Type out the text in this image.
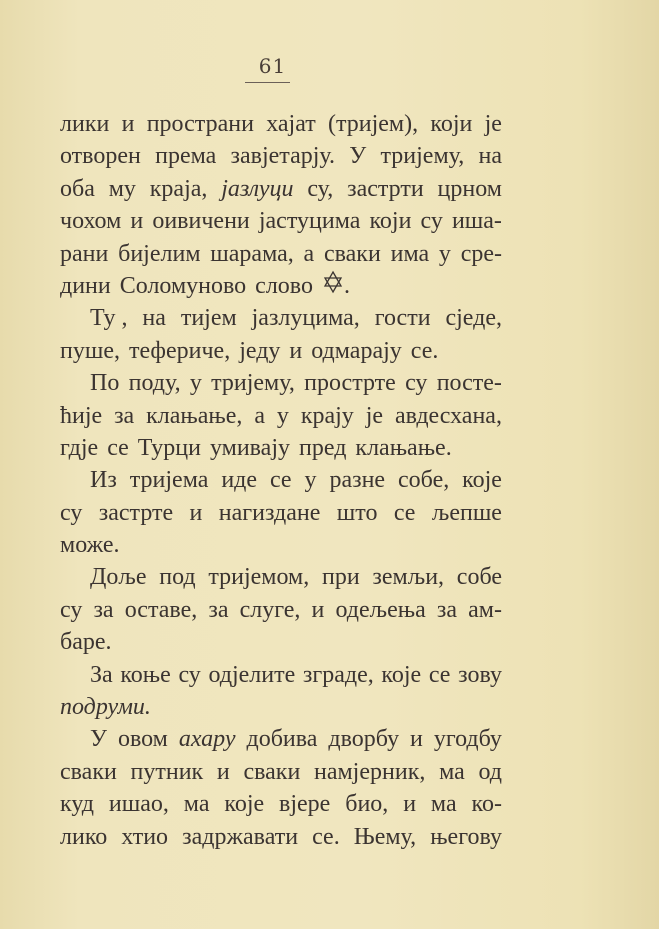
61
лики и пространи хајат (тријем), који је
отворен према завјетарју. У тријему, на
оба му краја, јазлуци су, застрти црном
чохом и оивичени јастуцима који су иша-
рани бијелим шарама, а сваки има у сре-
дини Соломуново слово .
Ту , на тијем јазлуцима, гости сједе,
пуше, тефериче, једу и одмарају се.
По поду, у тријему, прострте су посте-
ћије за клањање, а у крају је авдесхана,
гдје се Турци умивају пред клањање.
Из тријема иде се у разне собе, које
су застрте и нагиздане што се љепше
може.
Доље под тријемом, при земљи, собе
су за оставе, за слуге, и одељења за ам-
баре.
За коње су одјелите зграде, које се зову
подруми.
У овом ахару добива дворбу и угодбу
сваки путник и сваки намјерник, ма од
куд ишао, ма које вјере био, и ма ко-
лико хтио задржавати се. Њему, његову
